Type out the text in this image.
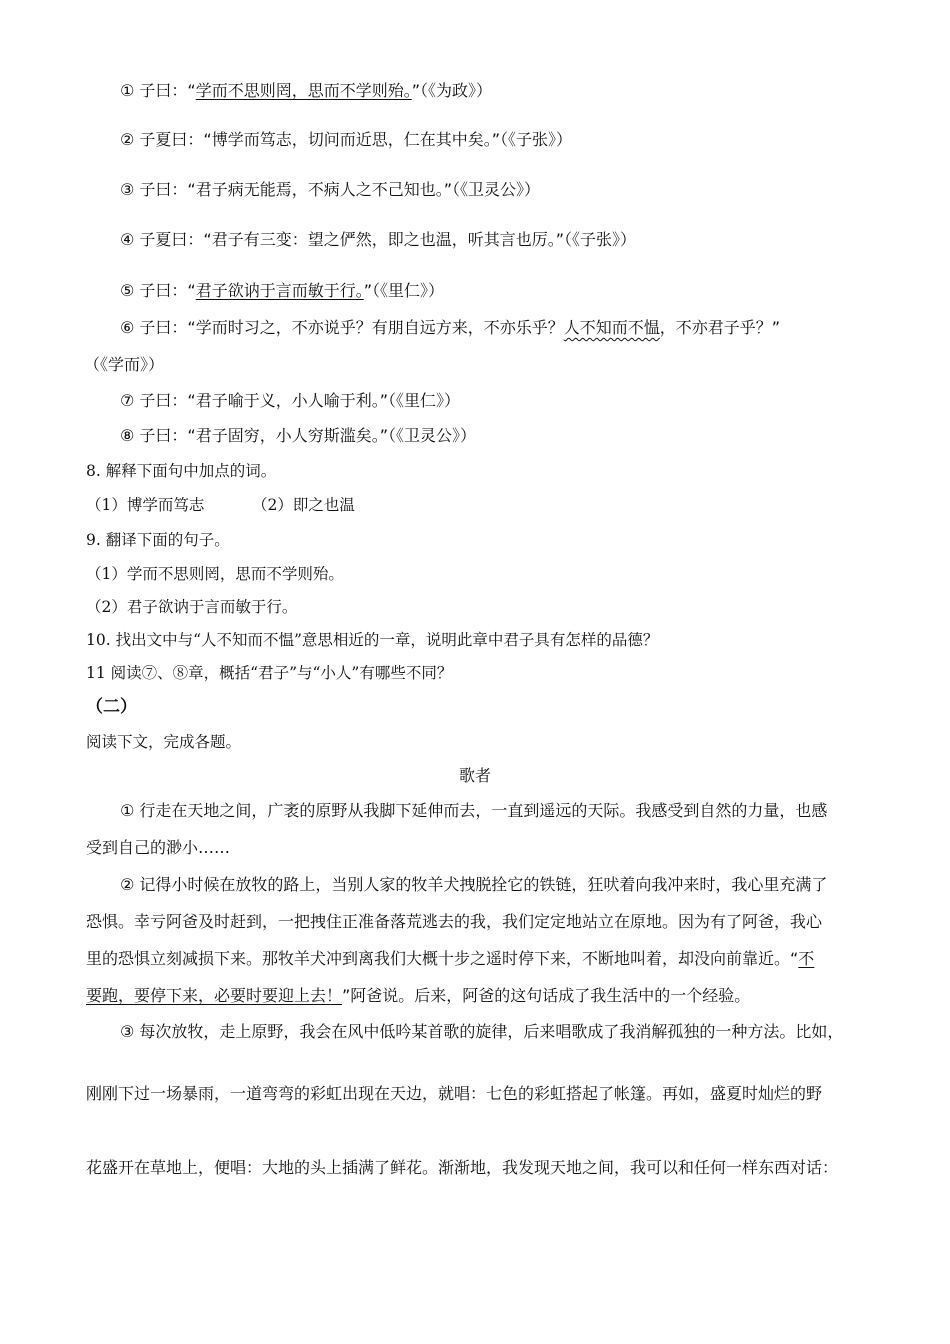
① 子曰：“学而不思则罔，思而不学则殆。”（《为政》）
② 子夏曰：“博学而笃志，切问而近思，仁在其中矣。”（《子张》）
③ 子曰：“君子病无能焉，不病人之不己知也。”（《卫灵公》）
④ 子夏曰：“君子有三变：望之俨然，即之也温，听其言也厉。”（《子张》）
⑤ 子曰：“君子欲讷于言而敏于行。”（《里仁》）
⑥ 子曰：“学而时习之，不亦说乎？有朋自远方来，不亦乐乎？人不知而不愠，不亦君子乎？”
（《学而》）
⑦ 子曰：“君子喻于义，小人喻于利。”（《里仁》）
⑧ 子曰：“君子固穷，小人穷斯滥矣。”（《卫灵公》）
8. 解释下面句中加点的词。
（1）博学而笃志	（2）即之也温
9. 翻译下面的句子。
（1）学而不思则罔，思而不学则殆。
（2）君子欲讷于言而敏于行。
10. 找出文中与“人不知而不愠”意思相近的一章，说明此章中君子具有怎样的品德？
11 阅读⑦、⑧章，概括“君子”与“小人”有哪些不同？
（二）
阅读下文，完成各题。
歌者
① 行走在天地之间，广袤的原野从我脚下延伸而去，一直到遥远的天际。我感受到自然的力量，也感
受到自己的渺小……
② 记得小时候在放牧的路上，当别人家的牧羊犬拽脱拴它的铁链，狂吠着向我冲来时，我心里充满了
恐惧。幸亏阿爸及时赶到，一把拽住正准备落荒逃去的我，我们定定地站立在原地。因为有了阿爸，我心
里的恐惧立刻减损下来。那牧羊犬冲到离我们大概十步之遥时停下来，不断地叫着，却没向前靠近。“不
要跑，要停下来，必要时要迎上去！”阿爸说。后来，阿爸的这句话成了我生活中的一个经验。
③ 每次放牧，走上原野，我会在风中低吟某首歌的旋律，后来唱歌成了我消解孤独的一种方法。比如，
刚刚下过一场暴雨，一道弯弯的彩虹出现在天边，就唱：七色的彩虹搭起了帐篷。再如，盛夏时灿烂的野
花盛开在草地上，便唱：大地的头上插满了鲜花。渐渐地，我发现天地之间，我可以和任何一样东西对话：
